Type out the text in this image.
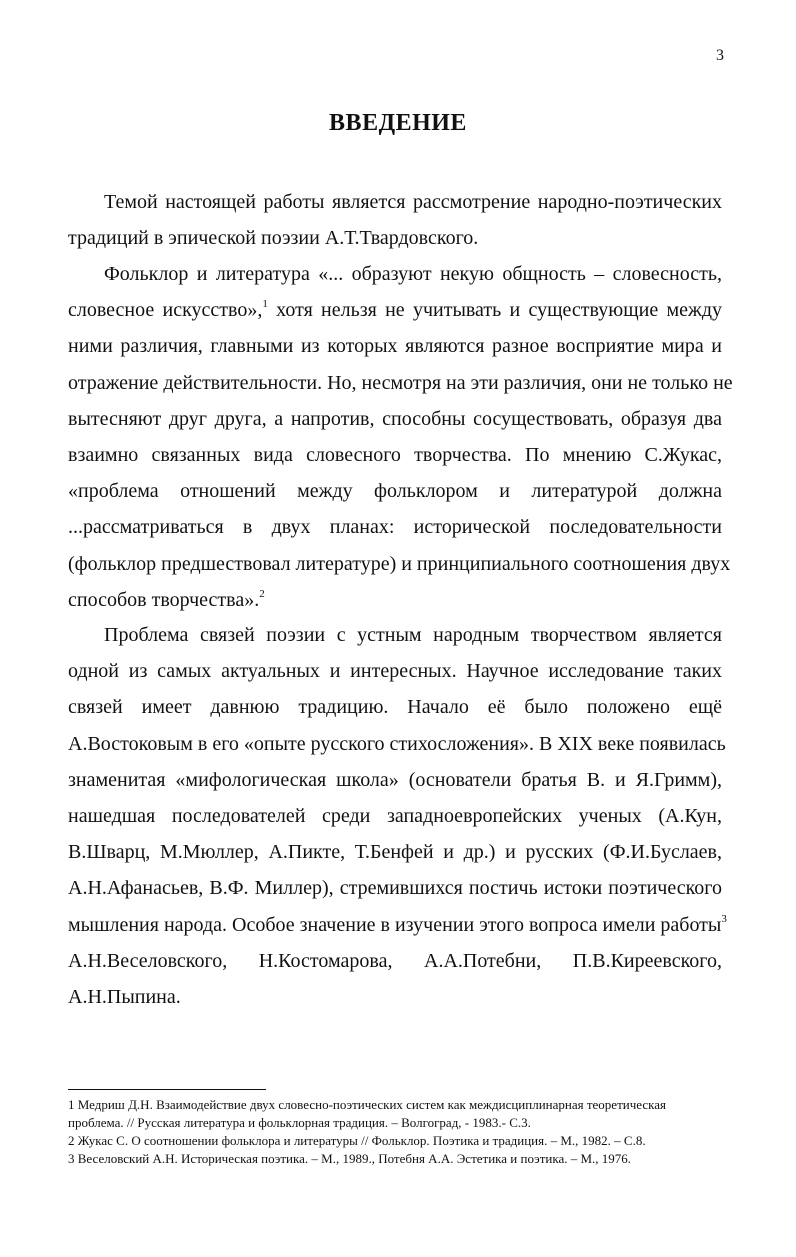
3
ВВЕДЕНИЕ
Темой настоящей работы является рассмотрение народно-поэтических
традиций в эпической поэзии А.Т.Твардовского.
Фольклор и литература «... образуют некую общность – словесность,
словесное искусство»,$^1$ хотя нельзя не учитывать и существующие между
ними различия, главными из которых являются разное восприятие мира и
отражение действительности. Но, несмотря на эти различия, они не только не
вытесняют друг друга, а напротив, способны сосуществовать, образуя два
взаимно связанных вида словесного творчества. По мнению С.Жукас,
«проблема отношений между фольклором и литературой должна
...рассматриваться в двух планах: исторической последовательности
(фольклор предшествовал литературе) и принципиального соотношения двух
способов творчества».$^2$
Проблема связей поэзии с устным народным творчеством является
одной из самых актуальных и интересных. Научное исследование таких
связей имеет давнюю традицию. Начало её было положено ещё
А.Востоковым в его «опыте русского стихосложения». В XIX веке появилась
знаменитая «мифологическая школа» (основатели братья В. и Я.Гримм),
нашедшая последователей среди западноевропейских ученых (А.Кун,
В.Шварц, М.Мюллер, А.Пикте, Т.Бенфей и др.) и русских (Ф.И.Буслаев,
А.Н.Афанасьев, В.Ф. Миллер), стремившихся постичь истоки поэтического
мышления народа. Особое значение в изучении этого вопроса имели работы$^3$
А.Н.Веселовского, Н.Костомарова, А.А.Потебни, П.В.Киреевского,
А.Н.Пыпина.
1 Медриш Д.Н. Взаимодействие двух словесно-поэтических систем как междисциплинарная теоретическая
проблема. // Русская литература и фольклорная традиция. – Волгоград, - 1983.- С.3.
2 Жукас С. О соотношении фольклора и литературы // Фольклор. Поэтика и традиция. – М., 1982. – С.8.
3 Веселовский А.Н. Историческая поэтика. – М., 1989., Потебня А.А. Эстетика и поэтика. – М., 1976.
